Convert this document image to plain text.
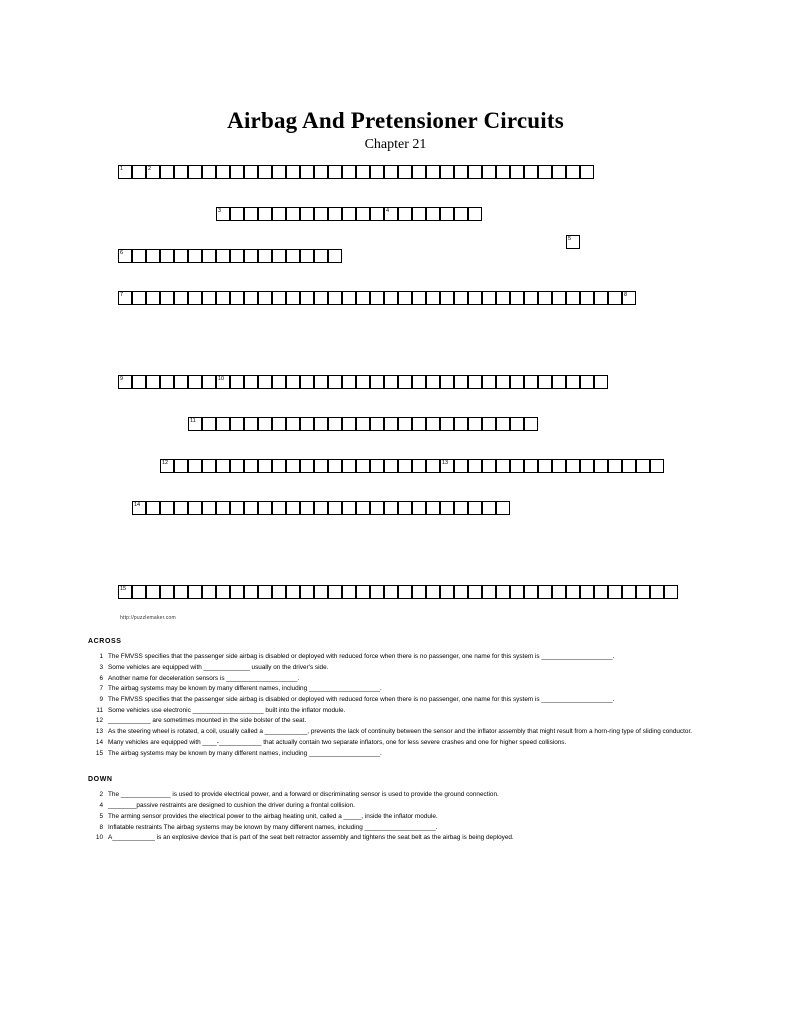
Airbag And Pretensioner Circuits
Chapter 21
1	2
3	4
5
6
7	8
9	10
11
12	13
14
15
http://puzzlemaker.com
ACROSS
1 The FMVSS specifies that the passenger side airbag is disabled or deployed with reduced force when there is no passenger, one name for this system is ____________________.
3 Some vehicles are equipped with _____________ usually on the driver's side.
6 Another name for deceleration sensors is ____________________.
7 The airbag systems may be known by many different names, including ____________________.
9 The FMVSS specifies that the passenger side airbag is disabled or deployed with reduced force when there is no passenger, one name for this system is ____________________.
11 Some vehicles use electronic ____________________ built into the inflator module.
12 ____________ are sometimes mounted in the side bolster of the seat.
13 As the steering wheel is rotated, a coil, usually called a ____________, prevents the lack of continuity between the sensor and the inflator assembly that might result from a horn-ring type of sliding conductor.
14 Many vehicles are equipped with ____-____________ that actually contain two separate inflators, one for less severe crashes and one for higher speed collisions.
15 The airbag systems may be known by many different names, including ____________________.
DOWN
2 The ______________ is used to provide electrical power, and a forward or discriminating sensor is used to provide the ground connection.
4 ________passive restraints are designed to cushion the driver during a frontal collision.
5 The arming sensor provides the electrical power to the airbag heating unit, called a _____, inside the inflator module.
8 Inflatable restraints The airbag systems may be known by many different names, including ____________________.
10 A____________ is an explosive device that is part of the seat belt retractor assembly and tightens the seat belt as the airbag is being deployed.
